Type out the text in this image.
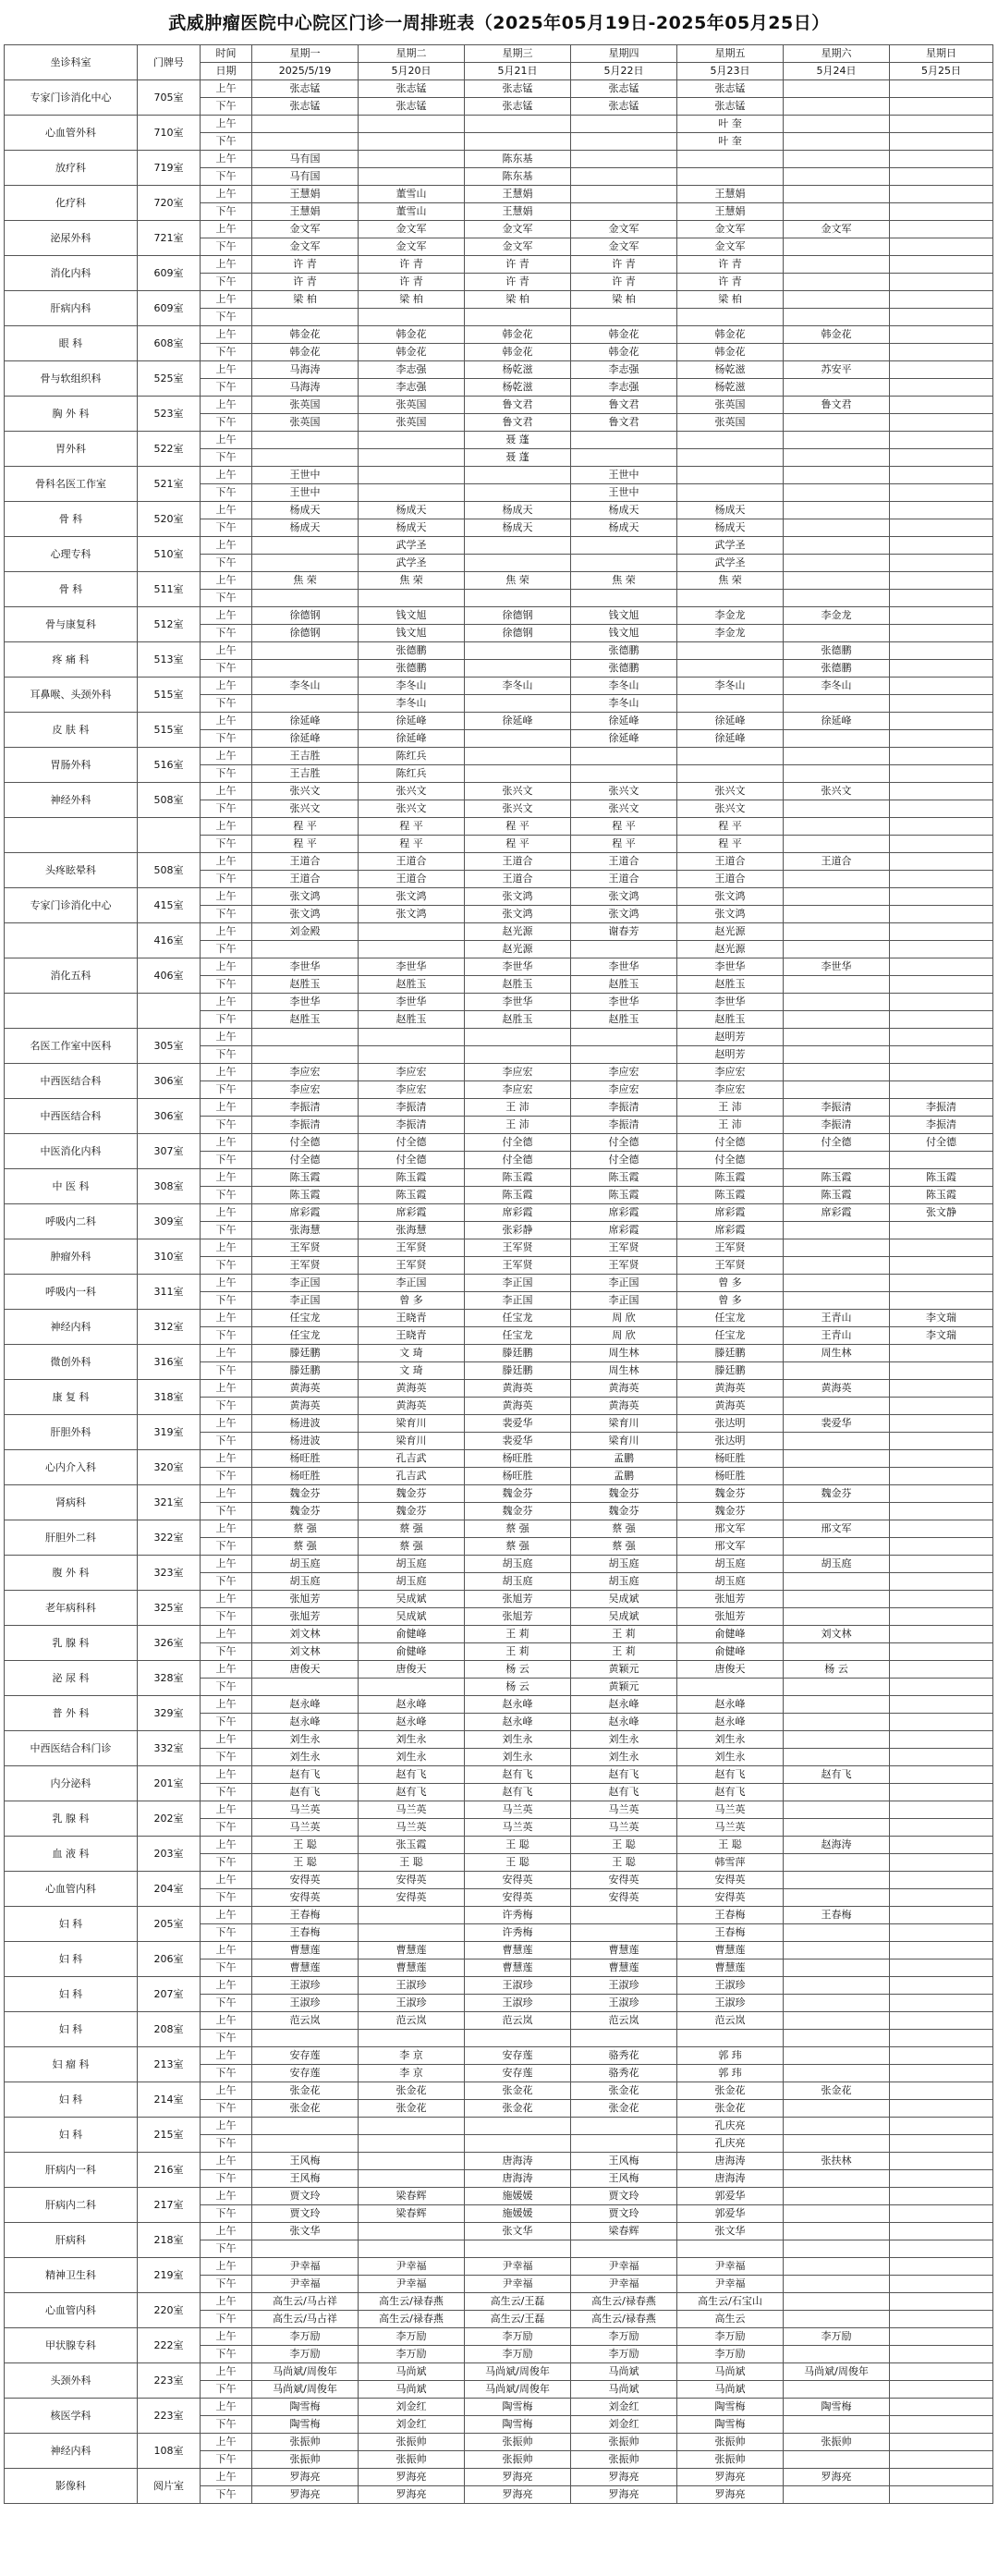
武威肿瘤医院中心院区门诊一周排班表（2025年05月19日-2025年05月25日）
坐诊科室	门牌号	时间	星期一	星期二	星期三	星期四	星期五	星期六	星期日
		日期	2025/5/19	5月20日	5月21日	5月22日	5月23日	5月24日	5月25日
专家门诊消化中心	705室	上午	张志锰	张志锰	张志锰	张志锰	张志锰		
		下午	张志锰	张志锰	张志锰	张志锰	张志锰		
心血管外科	710室	上午					叶 奎		
		下午					叶 奎		
放疗科	719室	上午	马有国		陈东基				
		下午	马有国		陈东基				
化疗科	720室	上午	王慧娟	董雪山	王慧娟		王慧娟		
		下午	王慧娟	董雪山	王慧娟		王慧娟		
泌尿外科	721室	上午	金文军	金文军	金文军	金文军	金文军	金文军	
		下午	金文军	金文军	金文军	金文军	金文军		
消化内科	609室	上午	许 青	许 青	许 青	许 青	许 青		
		下午	许 青	许 青	许 青	许 青	许 青		
肝病内科	609室	上午	梁 柏	梁 柏	梁 柏	梁 柏	梁 柏		
		下午							
眼 科	608室	上午	韩金花	韩金花	韩金花	韩金花	韩金花	韩金花	
		下午	韩金花	韩金花	韩金花	韩金花	韩金花		
骨与软组织科	525室	上午	马海涛	李志强	杨乾滋	李志强	杨乾滋	苏安平	
		下午	马海涛	李志强	杨乾滋	李志强	杨乾滋		
胸 外 科	523室	上午	张英国	张英国	鲁文君	鲁文君	张英国	鲁文君	
		下午	张英国	张英国	鲁文君	鲁文君	张英国		
胃外科	522室	上午			聂 蓬				
		下午			聂 蓬				
骨科名医工作室	521室	上午	王世中			王世中			
		下午	王世中			王世中			
骨 科	520室	上午	杨成天	杨成天	杨成天	杨成天	杨成天		
		下午	杨成天	杨成天	杨成天	杨成天	杨成天		
心理专科	510室	上午		武学圣			武学圣		
		下午		武学圣			武学圣		
骨 科	511室	上午	焦 荣	焦 荣	焦 荣	焦 荣	焦 荣		
		下午							
骨与康复科	512室	上午	徐德钢	钱文旭	徐德钢	钱文旭	李金龙	李金龙	
		下午	徐德钢	钱文旭	徐德钢	钱文旭	李金龙		
疼 痛 科	513室	上午		张德鹏		张德鹏		张德鹏	
		下午		张德鹏		张德鹏		张德鹏	
耳鼻喉、头颈外科	515室	上午	李冬山	李冬山	李冬山	李冬山	李冬山	李冬山	
		下午		李冬山		李冬山			
皮 肤 科	515室	上午	徐延峰	徐延峰	徐延峰	徐延峰	徐延峰	徐延峰	
		下午	徐延峰	徐延峰		徐延峰	徐延峰		
胃肠外科	516室	上午	王吉胜	陈红兵					
		下午	王吉胜	陈红兵					
神经外科	508室	上午	张兴文	张兴文	张兴文	张兴文	张兴文	张兴文	
		下午	张兴文	张兴文	张兴文	张兴文	张兴文		
		上午	程 平	程 平	程 平	程 平	程 平		
		下午	程 平	程 平	程 平	程 平	程 平		
头疼眩晕科	508室	上午	王道合	王道合	王道合	王道合	王道合	王道合	
		下午	王道合	王道合	王道合	王道合	王道合		
专家门诊消化中心	415室	上午	张文鸿	张文鸿	张文鸿	张文鸿	张文鸿		
		下午	张文鸿	张文鸿	张文鸿	张文鸿	张文鸿		
	416室	上午	刘金殿		赵光源	谢春芳	赵光源		
		下午			赵光源		赵光源		
消化五科	406室	上午	李世华	李世华	李世华	李世华	李世华	李世华	
		下午	赵胜玉	赵胜玉	赵胜玉	赵胜玉	赵胜玉		
		上午	李世华	李世华	李世华	李世华	李世华		
		下午	赵胜玉	赵胜玉	赵胜玉	赵胜玉	赵胜玉		
名医工作室中医科	305室	上午					赵明芳		
		下午					赵明芳		
中西医结合科	306室	上午	李应宏	李应宏	李应宏	李应宏	李应宏		
		下午	李应宏	李应宏	李应宏	李应宏	李应宏		
中西医结合科	306室	上午	李振清	李振清	王 沛	李振清	王 沛	李振清	李振清
		下午	李振清	李振清	王 沛	李振清	王 沛	李振清	李振清
中医消化内科	307室	上午	付全德	付全德	付全德	付全德	付全德	付全德	付全德
		下午	付全德	付全德	付全德	付全德	付全德		
中 医 科	308室	上午	陈玉霞	陈玉霞	陈玉霞	陈玉霞	陈玉霞	陈玉霞	陈玉霞
		下午	陈玉霞	陈玉霞	陈玉霞	陈玉霞	陈玉霞	陈玉霞	陈玉霞
呼吸内二科	309室	上午	席彩霞	席彩霞	席彩霞	席彩霞	席彩霞	席彩霞	张文静
		下午	张海慧	张海慧	张彩静	席彩霞	席彩霞		
肿瘤外科	310室	上午	王军贤	王军贤	王军贤	王军贤	王军贤		
		下午	王军贤	王军贤	王军贤	王军贤	王军贤		
呼吸内一科	311室	上午	李正国	李正国	李正国	李正国	曾 多		
		下午	李正国	曾 多	李正国	李正国	曾 多		
神经内科	312室	上午	任宝龙	王晓青	任宝龙	周 欣	任宝龙	王青山	李文瑞
		下午	任宝龙	王晓青	任宝龙	周 欣	任宝龙	王青山	李文瑞
微创外科	316室	上午	滕廷鹏	文 琦	滕廷鹏	周生林	滕廷鹏	周生林	
		下午	滕廷鹏	文 琦	滕廷鹏	周生林	滕廷鹏		
康 复 科	318室	上午	黄海英	黄海英	黄海英	黄海英	黄海英	黄海英	
		下午	黄海英	黄海英	黄海英	黄海英	黄海英		
肝胆外科	319室	上午	杨进波	梁育川	裴爱华	梁育川	张达明	裴爱华	
		下午	杨进波	梁育川	裴爱华	梁育川	张达明		
心内介入科	320室	上午	杨旺胜	孔吉武	杨旺胜	孟鹏	杨旺胜		
		下午	杨旺胜	孔吉武	杨旺胜	孟鹏	杨旺胜		
肾病科	321室	上午	魏金芬	魏金芬	魏金芬	魏金芬	魏金芬	魏金芬	
		下午	魏金芬	魏金芬	魏金芬	魏金芬	魏金芬		
肝胆外二科	322室	上午	蔡 强	蔡 强	蔡 强	蔡 强	邢文军	邢文军	
		下午	蔡 强	蔡 强	蔡 强	蔡 强	邢文军		
腹 外 科	323室	上午	胡玉庭	胡玉庭	胡玉庭	胡玉庭	胡玉庭	胡玉庭	
		下午	胡玉庭	胡玉庭	胡玉庭	胡玉庭	胡玉庭		
老年病科科	325室	上午	张旭芳	吴成斌	张旭芳	吴成斌	张旭芳		
		下午	张旭芳	吴成斌	张旭芳	吴成斌	张旭芳		
乳 腺 科	326室	上午	刘文林	俞健峰	王 莉	王 莉	俞健峰	刘文林	
		下午	刘文林	俞健峰	王 莉	王 莉	俞健峰		
泌 尿 科	328室	上午	唐俊天	唐俊天	杨 云	黄颖元	唐俊天	杨 云	
		下午			杨 云	黄颖元			
普 外 科	329室	上午	赵永峰	赵永峰	赵永峰	赵永峰	赵永峰		
		下午	赵永峰	赵永峰	赵永峰	赵永峰	赵永峰		
中西医结合科门诊	332室	上午	刘生永	刘生永	刘生永	刘生永	刘生永		
		下午	刘生永	刘生永	刘生永	刘生永	刘生永		
内分泌科	201室	上午	赵有飞	赵有飞	赵有飞	赵有飞	赵有飞	赵有飞	
		下午	赵有飞	赵有飞	赵有飞	赵有飞	赵有飞		
乳 腺 科	202室	上午	马兰英	马兰英	马兰英	马兰英	马兰英		
		下午	马兰英	马兰英	马兰英	马兰英	马兰英		
血 液 科	203室	上午	王 聪	张玉霞	王 聪	王 聪	王 聪	赵海涛	
		下午	王 聪	王 聪	王 聪	王 聪	韩雪萍		
心血管内科	204室	上午	安得英	安得英	安得英	安得英	安得英		
		下午	安得英	安得英	安得英	安得英	安得英		
妇 科	205室	上午	王春梅		许秀梅		王春梅	王春梅	
		下午	王春梅		许秀梅		王春梅		
妇 科	206室	上午	曹慧莲	曹慧莲	曹慧莲	曹慧莲	曹慧莲		
		下午	曹慧莲	曹慧莲	曹慧莲	曹慧莲	曹慧莲		
妇 科	207室	上午	王淑珍	王淑珍	王淑珍	王淑珍	王淑珍		
		下午	王淑珍	王淑珍	王淑珍	王淑珍	王淑珍		
妇 科	208室	上午	范云岚	范云岚	范云岚	范云岚	范云岚		
		下午							
妇 瘤 科	213室	上午	安存莲	李 京	安存莲	骆秀花	郭 玮		
		下午	安存莲	李 京	安存莲	骆秀花	郭 玮		
妇 科	214室	上午	张金花	张金花	张金花	张金花	张金花	张金花	
		下午	张金花	张金花	张金花	张金花	张金花		
妇 科	215室	上午					孔庆亮		
		下午					孔庆亮		
肝病内一科	216室	上午	王风梅		唐海涛	王风梅	唐海涛	张扶林	
		下午	王风梅		唐海涛	王风梅	唐海涛		
肝病内二科	217室	上午	贾文玲	梁春辉	施媛媛	贾文玲	郭爱华		
		下午	贾文玲	梁春辉	施媛媛	贾文玲	郭爱华		
肝病科	218室	上午	张文华		张文华	梁春辉	张文华		
		下午							
精神卫生科	219室	上午	尹幸福	尹幸福	尹幸福	尹幸福	尹幸福		
		下午	尹幸福	尹幸福	尹幸福	尹幸福	尹幸福		
心血管内科	220室	上午	高生云/马占祥	高生云/禄春燕	高生云/王磊	高生云/禄春燕	高生云/石宝山		
		下午	高生云/马占祥	高生云/禄春燕	高生云/王磊	高生云/禄春燕	高生云		
甲状腺专科	222室	上午	李万励	李万励	李万励	李万励	李万励	李万励	
		下午	李万励	李万励	李万励	李万励	李万励		
头颈外科	223室	上午	马尚斌/周俊年	马尚斌	马尚斌/周俊年	马尚斌	马尚斌	马尚斌/周俊年	
		下午	马尚斌/周俊年	马尚斌	马尚斌/周俊年	马尚斌	马尚斌		
核医学科	223室	上午	陶雪梅	刘金红	陶雪梅	刘金红	陶雪梅	陶雪梅	
		下午	陶雪梅	刘金红	陶雪梅	刘金红	陶雪梅		
神经内科	108室	上午	张振帅	张振帅	张振帅	张振帅	张振帅	张振帅	
		下午	张振帅	张振帅	张振帅	张振帅	张振帅		
影像科	阅片室	上午	罗海亮	罗海亮	罗海亮	罗海亮	罗海亮	罗海亮	
		下午	罗海亮	罗海亮	罗海亮	罗海亮	罗海亮		
